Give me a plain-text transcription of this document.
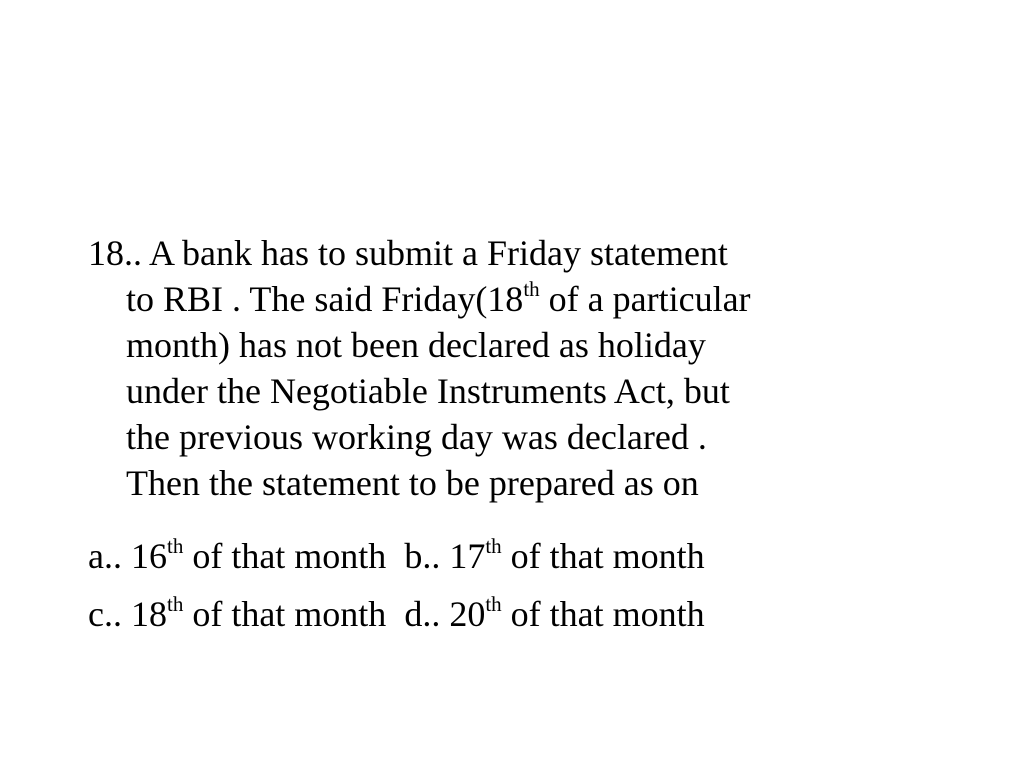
18.. A bank has to submit a Friday statement
to RBI . The said Friday(18th of a particular
month) has not been declared as holiday
under the Negotiable Instruments Act, but
the previous working day was declared .
Then the statement to be prepared as on
a.. 16th of that month b.. 17th of that month
c.. 18th of that month d.. 20th of that month
